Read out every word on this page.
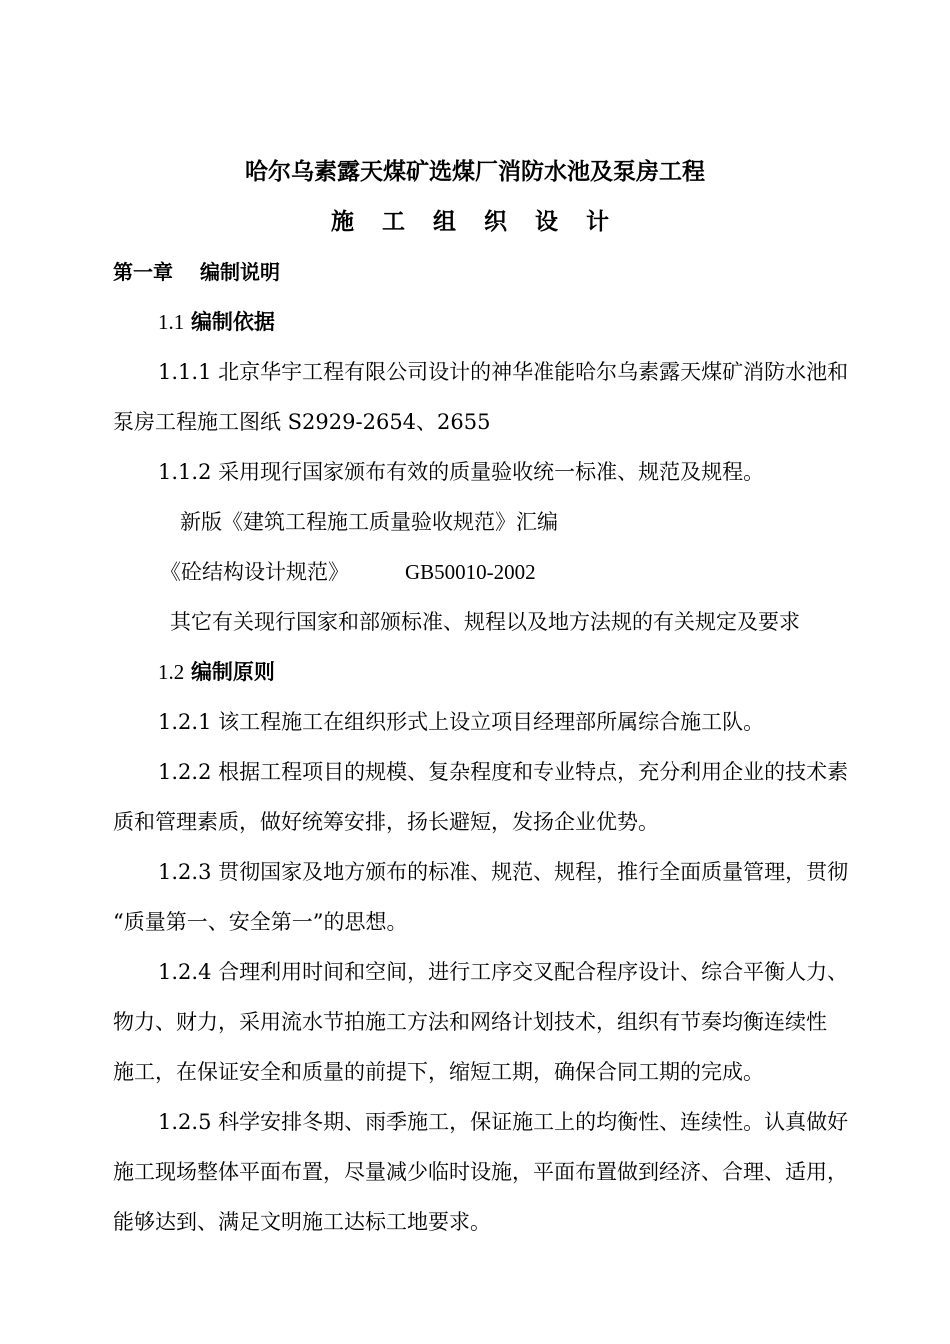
哈尔乌素露天煤矿选煤厂消防水池及泵房工程
施 工 组 织 设 计
第一章　 编制说明
1.1 编制依据
1.1.1 北京华宇工程有限公司设计的神华准能哈尔乌素露天煤矿消防水池和
泵房工程施工图纸 S2929-2654、2655
1.1.2 采用现行国家颁布有效的质量验收统一标准、规范及规程。
新版《建筑工程施工质量验收规范》汇编
《砼结构设计规范》	GB50010-2002
其它有关现行国家和部颁标准、规程以及地方法规的有关规定及要求
1.2 编制原则
1.2.1 该工程施工在组织形式上设立项目经理部所属综合施工队。
1.2.2 根据工程项目的规模、复杂程度和专业特点，充分利用企业的技术素
质和管理素质，做好统筹安排，扬长避短，发扬企业优势。
1.2.3 贯彻国家及地方颁布的标准、规范、规程，推行全面质量管理，贯彻
“质量第一、安全第一”的思想。
1.2.4 合理利用时间和空间，进行工序交叉配合程序设计、综合平衡人力、
物力、财力，采用流水节拍施工方法和网络计划技术，组织有节奏均衡连续性
施工，在保证安全和质量的前提下，缩短工期，确保合同工期的完成。
1.2.5 科学安排冬期、雨季施工，保证施工上的均衡性、连续性。认真做好
施工现场整体平面布置，尽量减少临时设施，平面布置做到经济、合理、适用，
能够达到、满足文明施工达标工地要求。
